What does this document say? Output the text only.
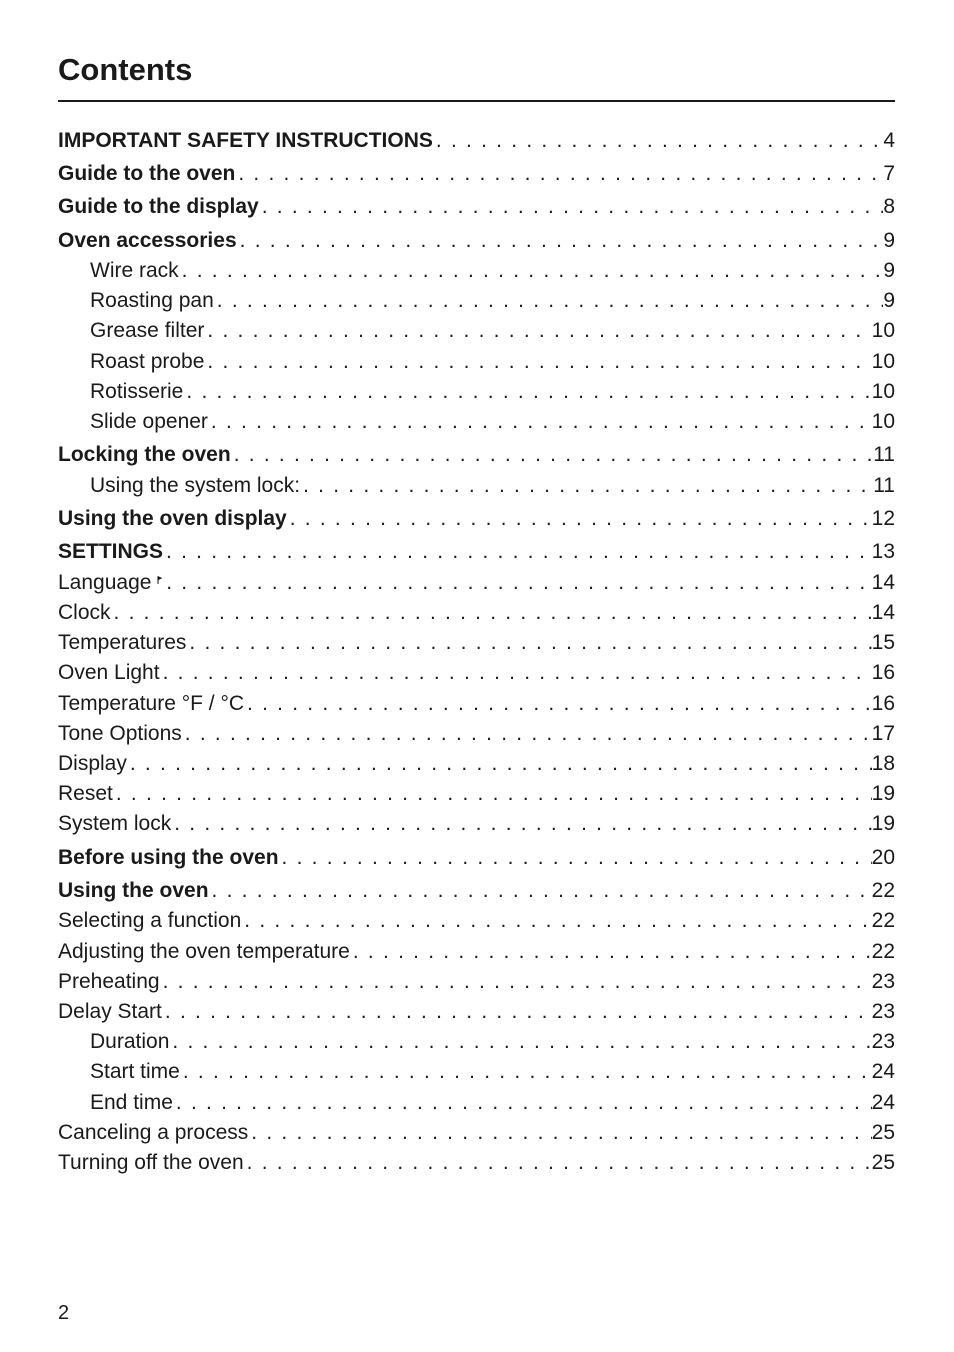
Contents
IMPORTANT SAFETY INSTRUCTIONS . . .	4
Guide to the oven . . .	7
Guide to the display . . .	8
Oven accessories . . .	9
Wire rack . . .	9
Roasting pan . . .	9
Grease filter . . .	10
Roast probe . . .	10
Rotisserie . . .	10
Slide opener . . .	10
Locking the oven . . .	11
Using the system lock: . . .	11
Using the oven display . . .	12
SETTINGS . . .	13
Language . . .	14
Clock . . .	14
Temperatures . . .	15
Oven Light . . .	16
Temperature °F / °C . . .	16
Tone Options . . .	17
Display . . .	18
Reset . . .	19
System lock . . .	19
Before using the oven . . .	20
Using the oven . . .	22
Selecting a function . . .	22
Adjusting the oven temperature . . .	22
Preheating . . .	23
Delay Start . . .	23
Duration . . .	23
Start time . . .	24
End time . . .	24
Canceling a process . . .	25
Turning off the oven . . .	25
2
